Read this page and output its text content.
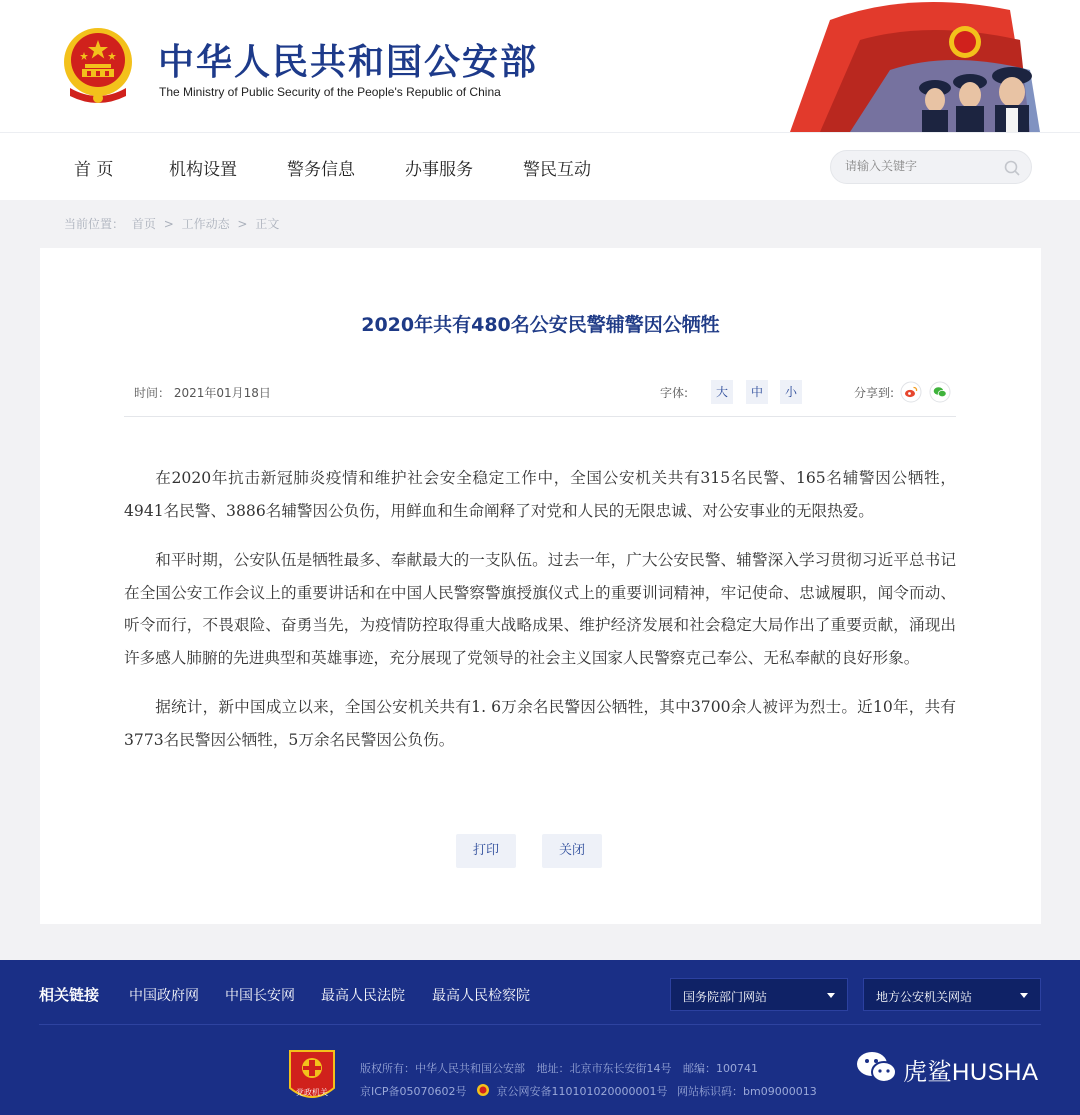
中华人民共和国公安部
The Ministry of Public Security of the People's Republic of China
首 页	机构设置	警务信息	办事服务	警民互动
请输入关键字
当前位置： 首页 > 工作动态 > 正文
2020年共有480名公安民警辅警因公牺牲
时间： 2021年01月18日	字体:	大	中	小	分享到:

在2020年抗击新冠肺炎疫情和维护社会安全稳定工作中，全国公安机关共有315名民警、165名辅警因公牺牲，4941名民警、3886名辅警因公负伤，用鲜血和生命阐释了对党和人民的无限忠诚、对公安事业的无限热爱。

和平时期，公安队伍是牺牲最多、奉献最大的一支队伍。过去一年，广大公安民警、辅警深入学习贯彻习近平总书记在全国公安工作会议上的重要讲话和在中国人民警察警旗授旗仪式上的重要训词精神，牢记使命、忠诚履职，闻令而动、听令而行，不畏艰险、奋勇当先，为疫情防控取得重大战略成果、维护经济发展和社会稳定大局作出了重要贡献，涌现出许多感人肺腑的先进典型和英雄事迹，充分展现了党领导的社会主义国家人民警察克己奉公、无私奉献的良好形象。

据统计，新中国成立以来，全国公安机关共有1. 6万余名民警因公牺牲，其中3700余人被评为烈士。近10年，共有3773名民警因公牺牲，5万余名民警因公负伤。

打印	关闭
相关链接 中国政府网 中国长安网 最高人民法院 最高人民检察院	国务院部门网站	地方公安机关网站
党政机关
版权所有：中华人民共和国公安部 地址：北京市东长安街14号 邮编：100741
京ICP备05070602号	京公网安备110101020000001号 网站标识码：bm09000013
虎鲨HUSHA
